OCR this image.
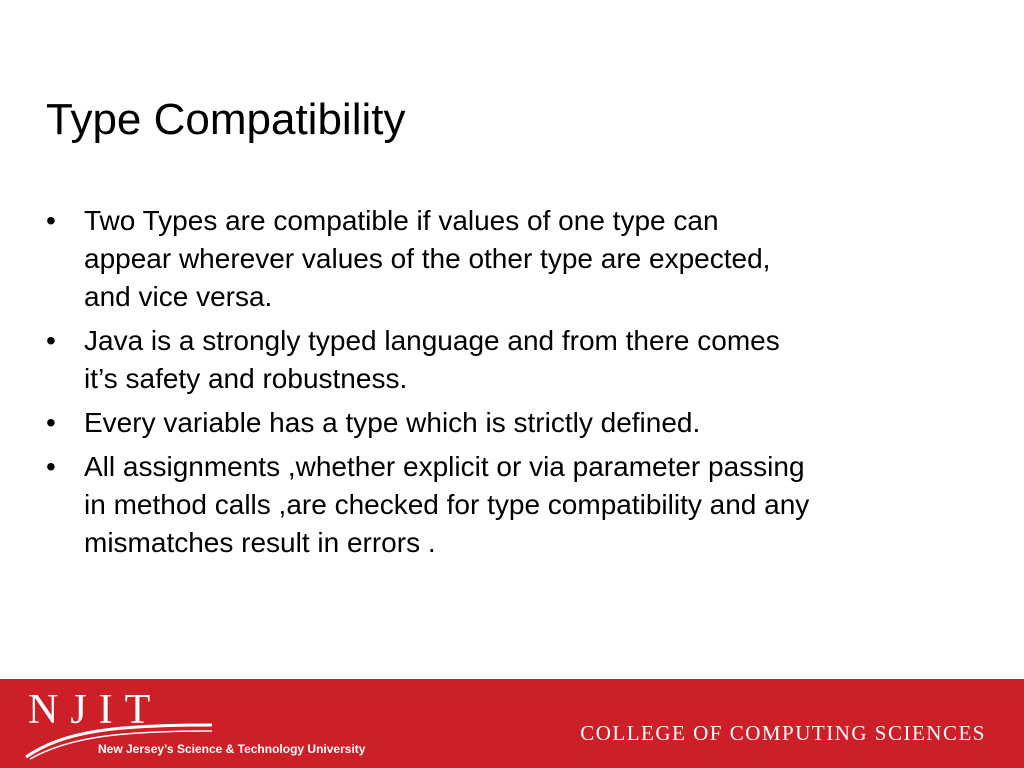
Type Compatibility
•	Two Types are compatible if values of one type can
appear wherever values of the other type are expected,
and vice versa.
•	Java is a strongly typed language and from there comes
it’s safety and robustness.
•	Every variable has a type which is strictly defined.
•	All assignments ,whether explicit or via parameter passing
in method calls ,are checked for type compatibility and any
mismatches result in errors .
NJIT
New Jersey’s Science & Technology University
COLLEGE OF COMPUTING SCIENCES
